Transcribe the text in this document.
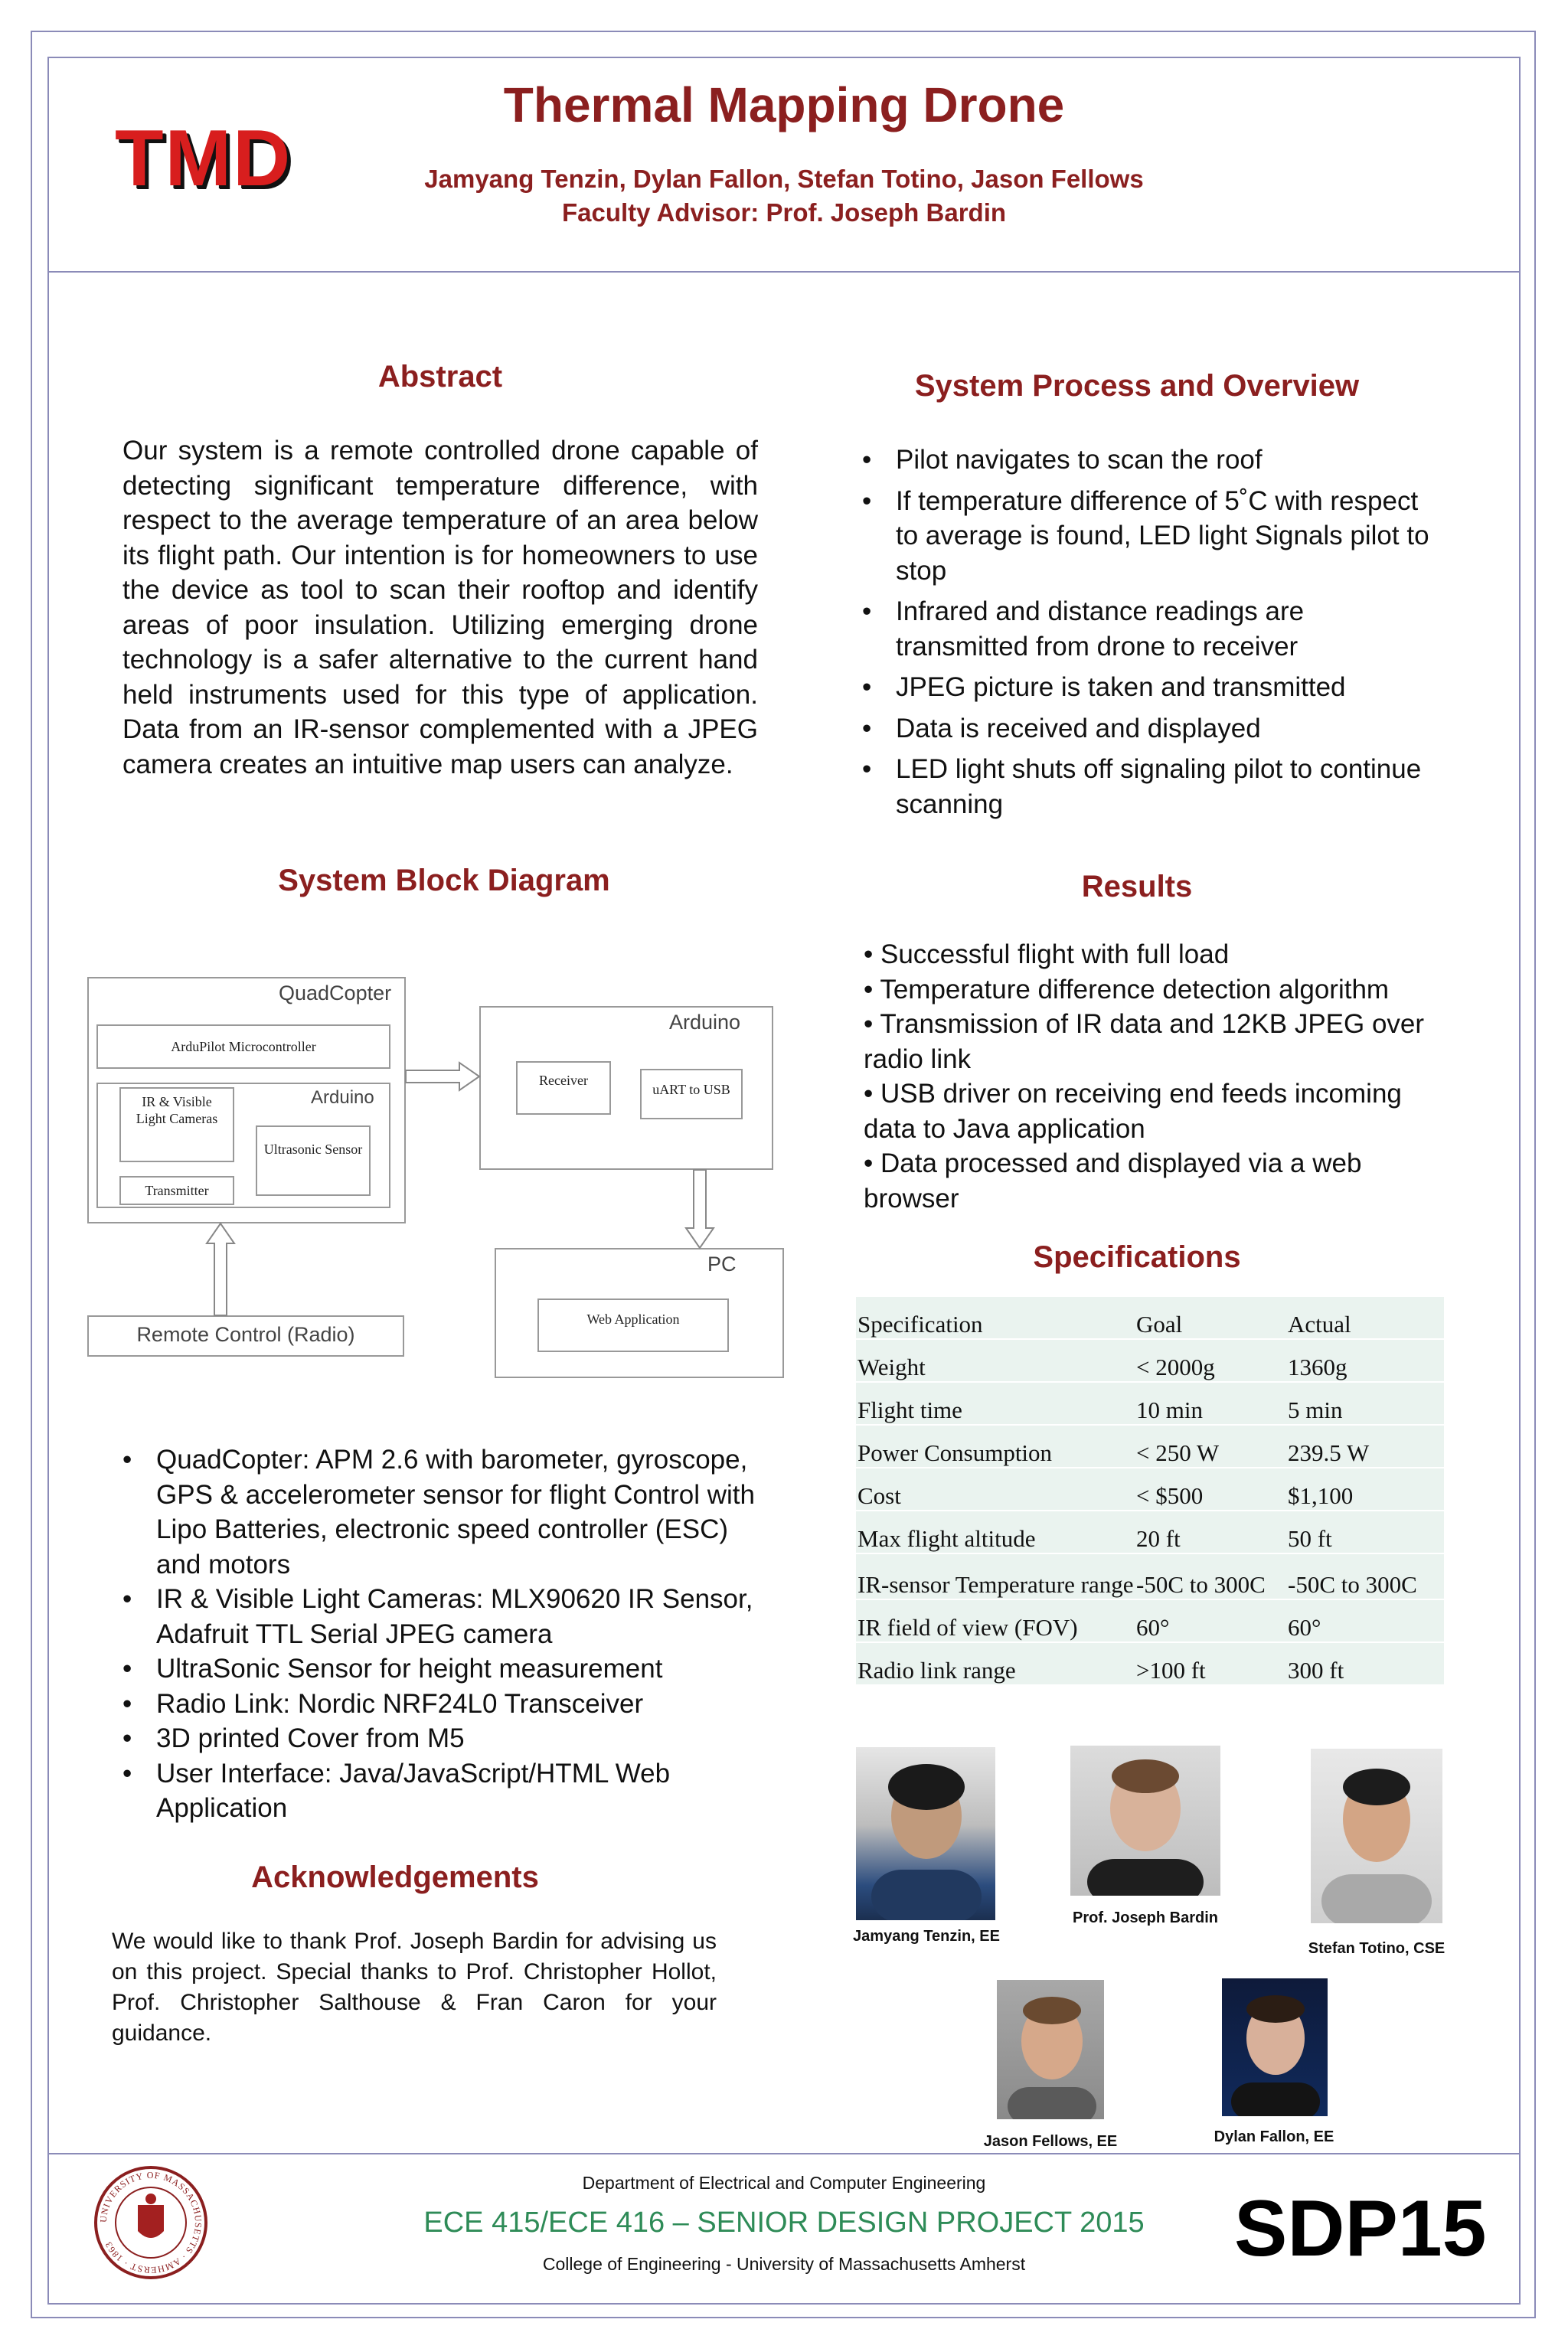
TMD
Thermal Mapping Drone
Jamyang Tenzin, Dylan Fallon, Stefan Totino, Jason Fellows
Faculty Advisor: Prof. Joseph Bardin
Abstract
Our system is a remote controlled drone capable of detecting significant temperature difference, with respect to the average temperature of an area below its flight path. Our intention is for homeowners to use the device as tool to scan their rooftop and identify areas of poor insulation. Utilizing emerging drone technology is a safer alternative to the current hand held instruments used for this type of application. Data from an IR-sensor complemented with a JPEG camera creates an intuitive map users can analyze.
System Process and Overview
• Pilot navigates to scan the roof
• If temperature difference of 5˚C with respect to average is found, LED light Signals pilot to stop
• Infrared and distance readings are transmitted from drone to receiver
• JPEG picture is taken and transmitted
• Data is received and displayed
• LED light shuts off signaling pilot to continue scanning
System Block Diagram
QuadCopter
ArduPilot Microcontroller
Arduino
IR & Visible Light Cameras
Ultrasonic Sensor
Transmitter
Arduino
Receiver
uART to USB
PC
Web Application
Remote Control (Radio)
• QuadCopter: APM 2.6 with barometer, gyroscope, GPS & accelerometer sensor for flight Control with Lipo Batteries, electronic speed controller (ESC) and motors
• IR & Visible Light Cameras: MLX90620 IR Sensor, Adafruit TTL Serial JPEG camera
• UltraSonic Sensor for height measurement
• Radio Link: Nordic NRF24L0 Transceiver
• 3D printed Cover from M5
• User Interface: Java/JavaScript/HTML Web Application
Acknowledgements
We would like to thank Prof. Joseph Bardin for advising us on this project. Special thanks to Prof. Christopher Hollot, Prof. Christopher Salthouse & Fran Caron for your guidance.
Results
• Successful flight with full load
• Temperature difference detection algorithm
• Transmission of IR data and 12KB JPEG over radio link
• USB driver on receiving end feeds incoming data to Java application
• Data processed and displayed via a web browser
Specifications
Specification	Goal	Actual
Weight	< 2000g	1360g
Flight time	10 min	5 min
Power Consumption	< 250 W	239.5 W
Cost	< $500	$1,100
Max flight altitude	20 ft	50 ft
IR-sensor Temperature range	-50C to 300C	-50C to 300C
IR field of view (FOV)	60°	60°
Radio link range	>100 ft	300 ft
Jamyang Tenzin, EE
Prof. Joseph Bardin
Stefan Totino, CSE
Jason Fellows, EE	Dylan Fallon, EE
UNIVERSITY OF MASSACHUSETTS · AMHERST · 1863
Department of Electrical and Computer Engineering
ECE 415/ECE 416 – SENIOR DESIGN PROJECT 2015
College of Engineering - University of Massachusetts Amherst	SDP15
